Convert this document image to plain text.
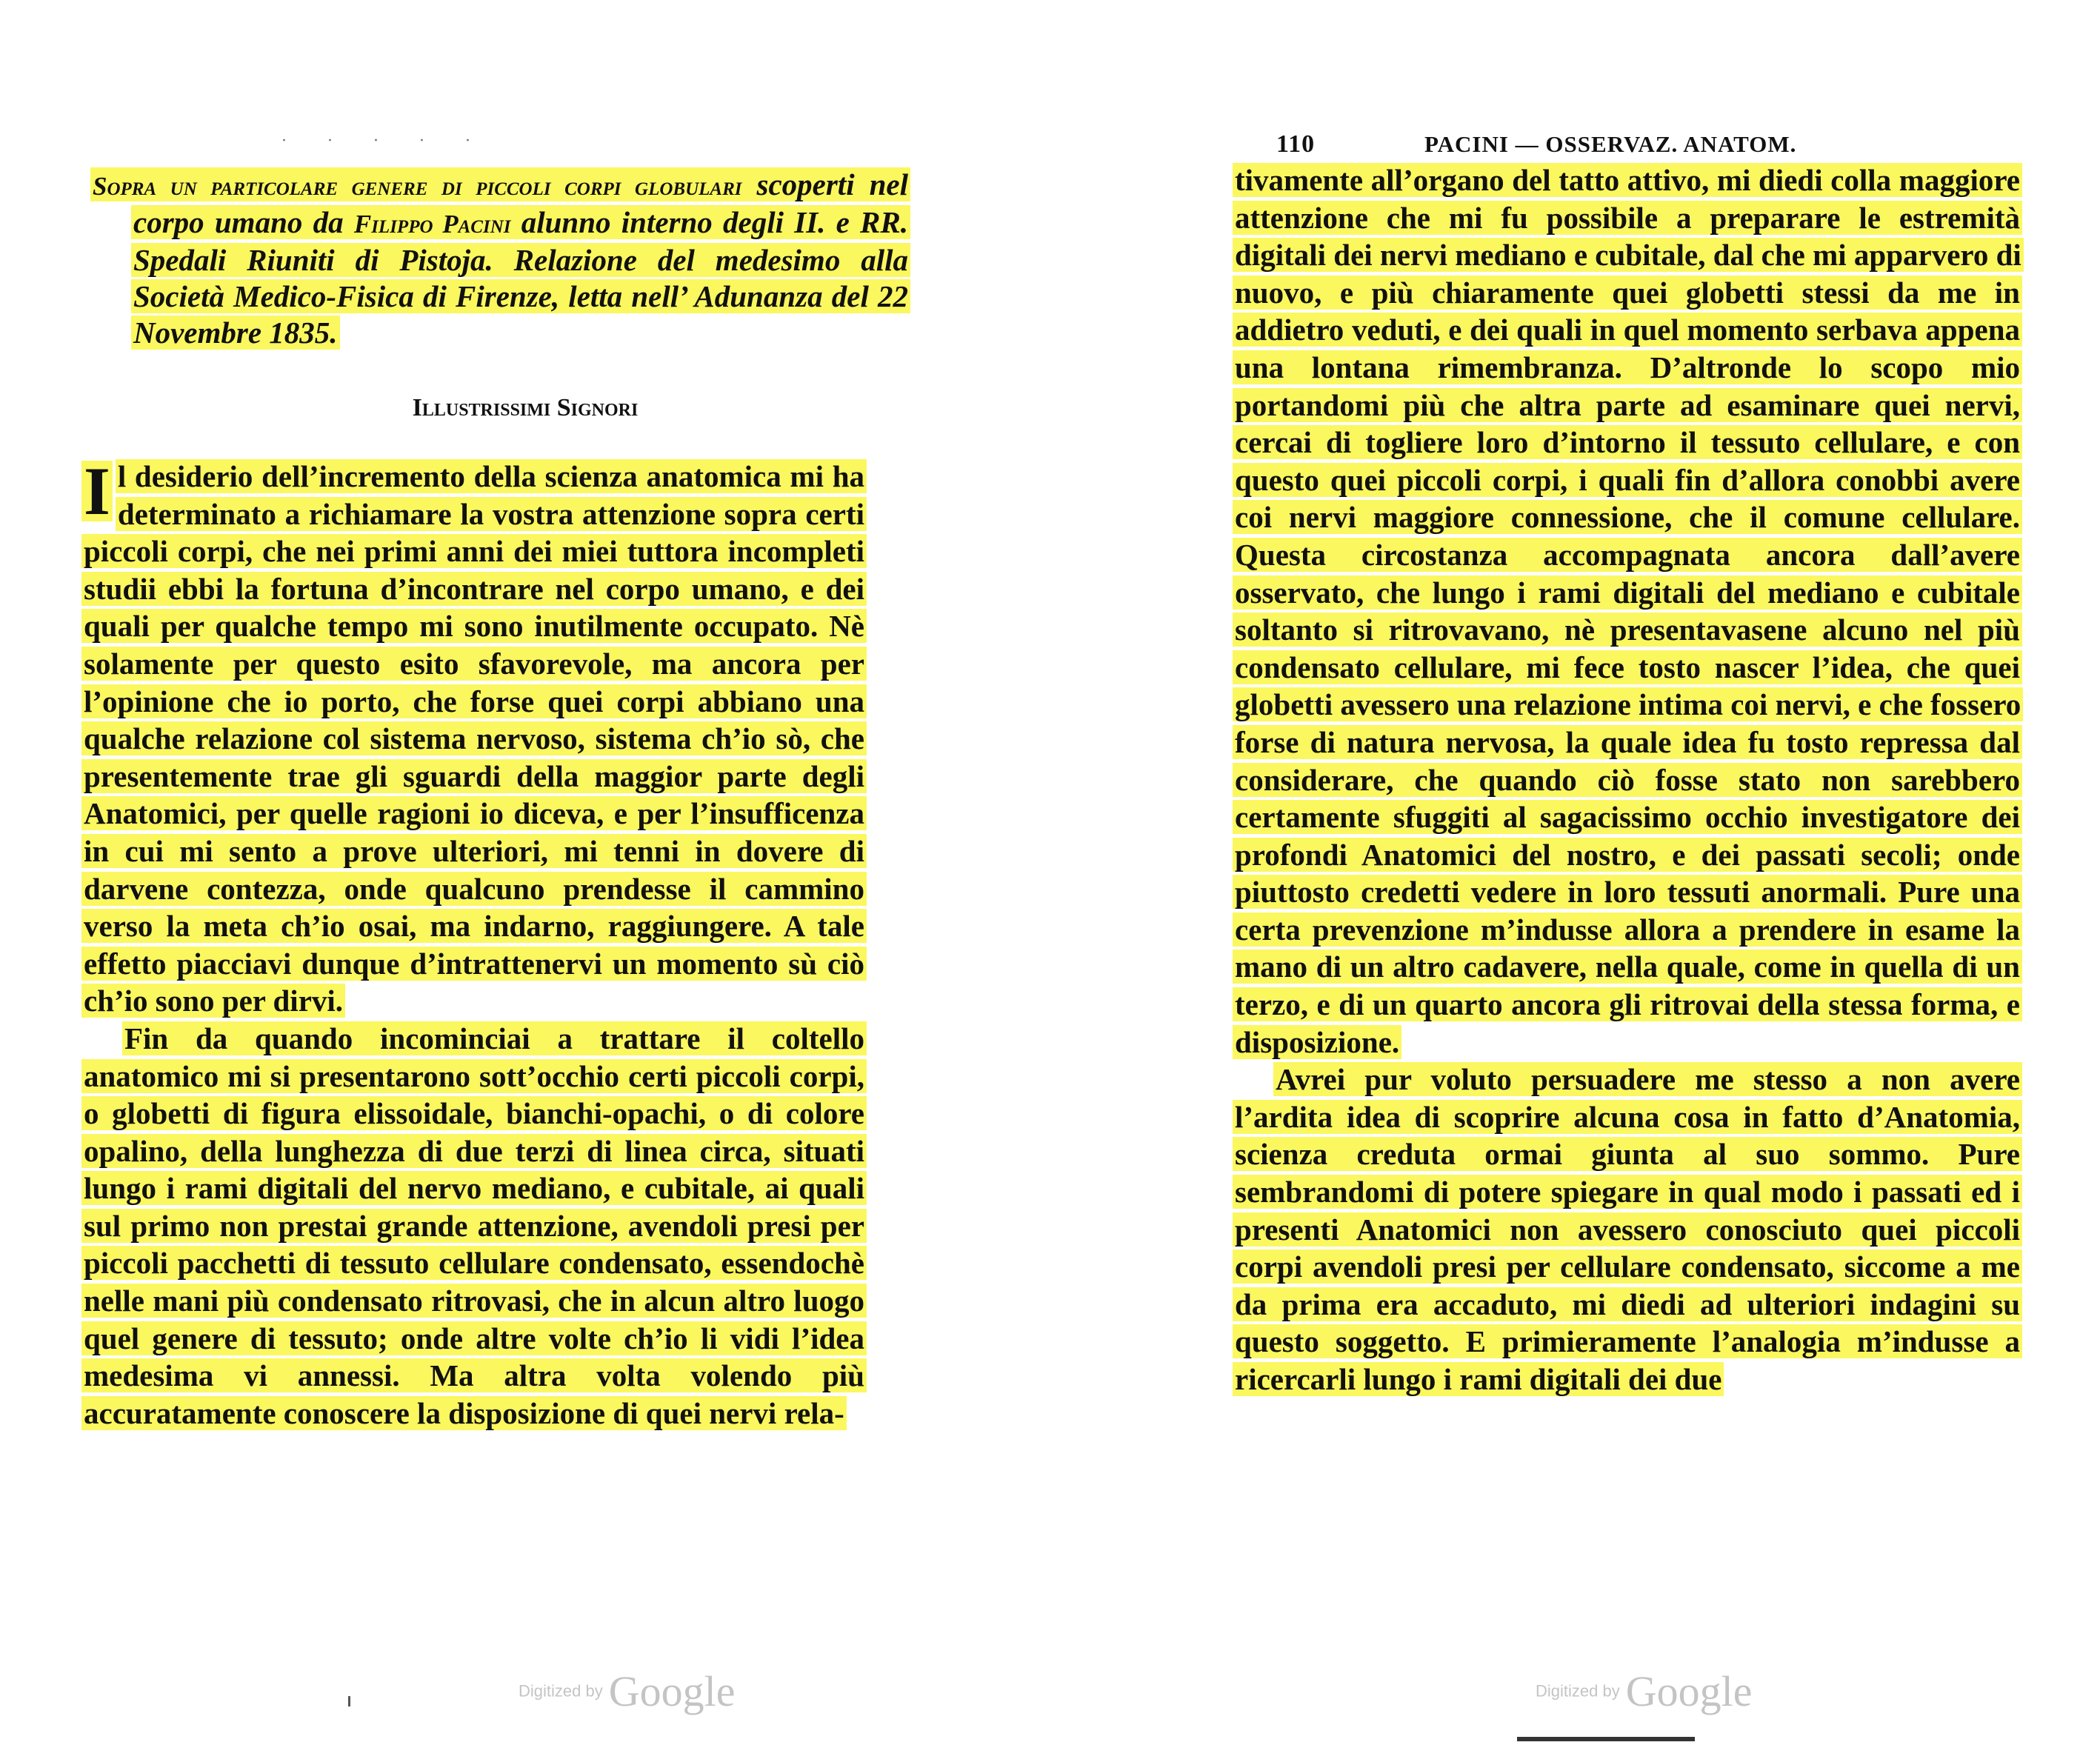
· · · · ·
Sopra un particolare genere di piccoli corpi globulari scoperti nel corpo umano da Filippo Pacini alunno interno degli II. e RR. Spedali Riuniti di Pistoja. Relazione del medesimo alla Società Medico-Fisica di Firenze, letta nell’ Adunanza del 22 Novembre 1835.
Illustrissimi Signori

I l desiderio dell’incremento della scienza anatomica mi ha determinato a richiamare la vostra attenzione sopra certi piccoli corpi, che nei primi anni dei miei tuttora incompleti studii ebbi la fortuna d’incontrare nel corpo umano, e dei quali per qualche tempo mi sono inutilmente occupato. Nè solamente per questo esito sfavorevole, ma ancora per l’opinione che io porto, che forse quei corpi abbiano una qualche relazione col sistema nervoso, sistema ch’io sò, che presentemente trae gli sguardi della maggior parte degli Anatomici, per quelle ragioni io diceva, e per l’insufficenza in cui mi sento a prove ulteriori, mi tenni in dovere di darvene contezza, onde qualcuno prendesse il cammino verso la meta ch’io osai, ma indarno, raggiungere. A tale effetto piacciavi dunque d’intrattenervi un momento sù ciò ch’io sono per dirvi.

Fin da quando incominciai a trattare il coltello anatomico mi si presentarono sott’occhio certi piccoli corpi, o globetti di figura elissoidale, bianchi-opachi, o di colore opalino, della lunghezza di due terzi di linea circa, situati lungo i rami digitali del nervo mediano, e cubitale, ai quali sul primo non prestai grande attenzione, avendoli presi per piccoli pacchetti di tessuto cellulare condensato, essendochè nelle mani più condensato ritrovasi, che in alcun altro luogo quel genere di tessuto; onde altre volte ch’io li vidi l’idea medesima vi annessi. Ma altra volta volendo più accuratamente conoscere la disposizione di quei nervi rela-

Digitized by Google
110	PACINI — OSSERVAZ. ANATOM.

tivamente all’organo del tatto attivo, mi diedi colla maggiore attenzione che mi fu possibile a preparare le estremità digitali dei nervi mediano e cubitale, dal che mi apparvero di nuovo, e più chiaramente quei globetti stessi da me in addietro veduti, e dei quali in quel momento serbava appena una lontana rimembranza. D’altronde lo scopo mio portandomi più che altra parte ad esaminare quei nervi, cercai di togliere loro d’intorno il tessuto cellulare, e con questo quei piccoli corpi, i quali fin d’allora conobbi avere coi nervi maggiore connessione, che il comune cellulare. Questa circostanza accompagnata ancora dall’avere osservato, che lungo i rami digitali del mediano e cubitale soltanto si ritrovavano, nè presentavasene alcuno nel più condensato cellulare, mi fece tosto nascer l’idea, che quei globetti avessero una relazione intima coi nervi, e che fossero forse di natura nervosa, la quale idea fu tosto repressa dal considerare, che quando ciò fosse stato non sarebbero certamente sfuggiti al sagacissimo occhio investigatore dei profondi Anatomici del nostro, e dei passati secoli; onde piuttosto credetti vedere in loro tessuti anormali. Pure una certa prevenzione m’indusse allora a prendere in esame la mano di un altro cadavere, nella quale, come in quella di un terzo, e di un quarto ancora gli ritrovai della stessa forma, e disposizione.

Avrei pur voluto persuadere me stesso a non avere l’ardita idea di scoprire alcuna cosa in fatto d’Anatomia, scienza creduta ormai giunta al suo sommo. Pure sembrandomi di potere spiegare in qual modo i passati ed i presenti Anatomici non avessero conosciuto quei piccoli corpi avendoli presi per cellulare condensato, siccome a me da prima era accaduto, mi diedi ad ulteriori indagini su questo soggetto. E primieramente l’analogia m’indusse a ricercarli lungo i rami digitali dei due

Digitized by Google
